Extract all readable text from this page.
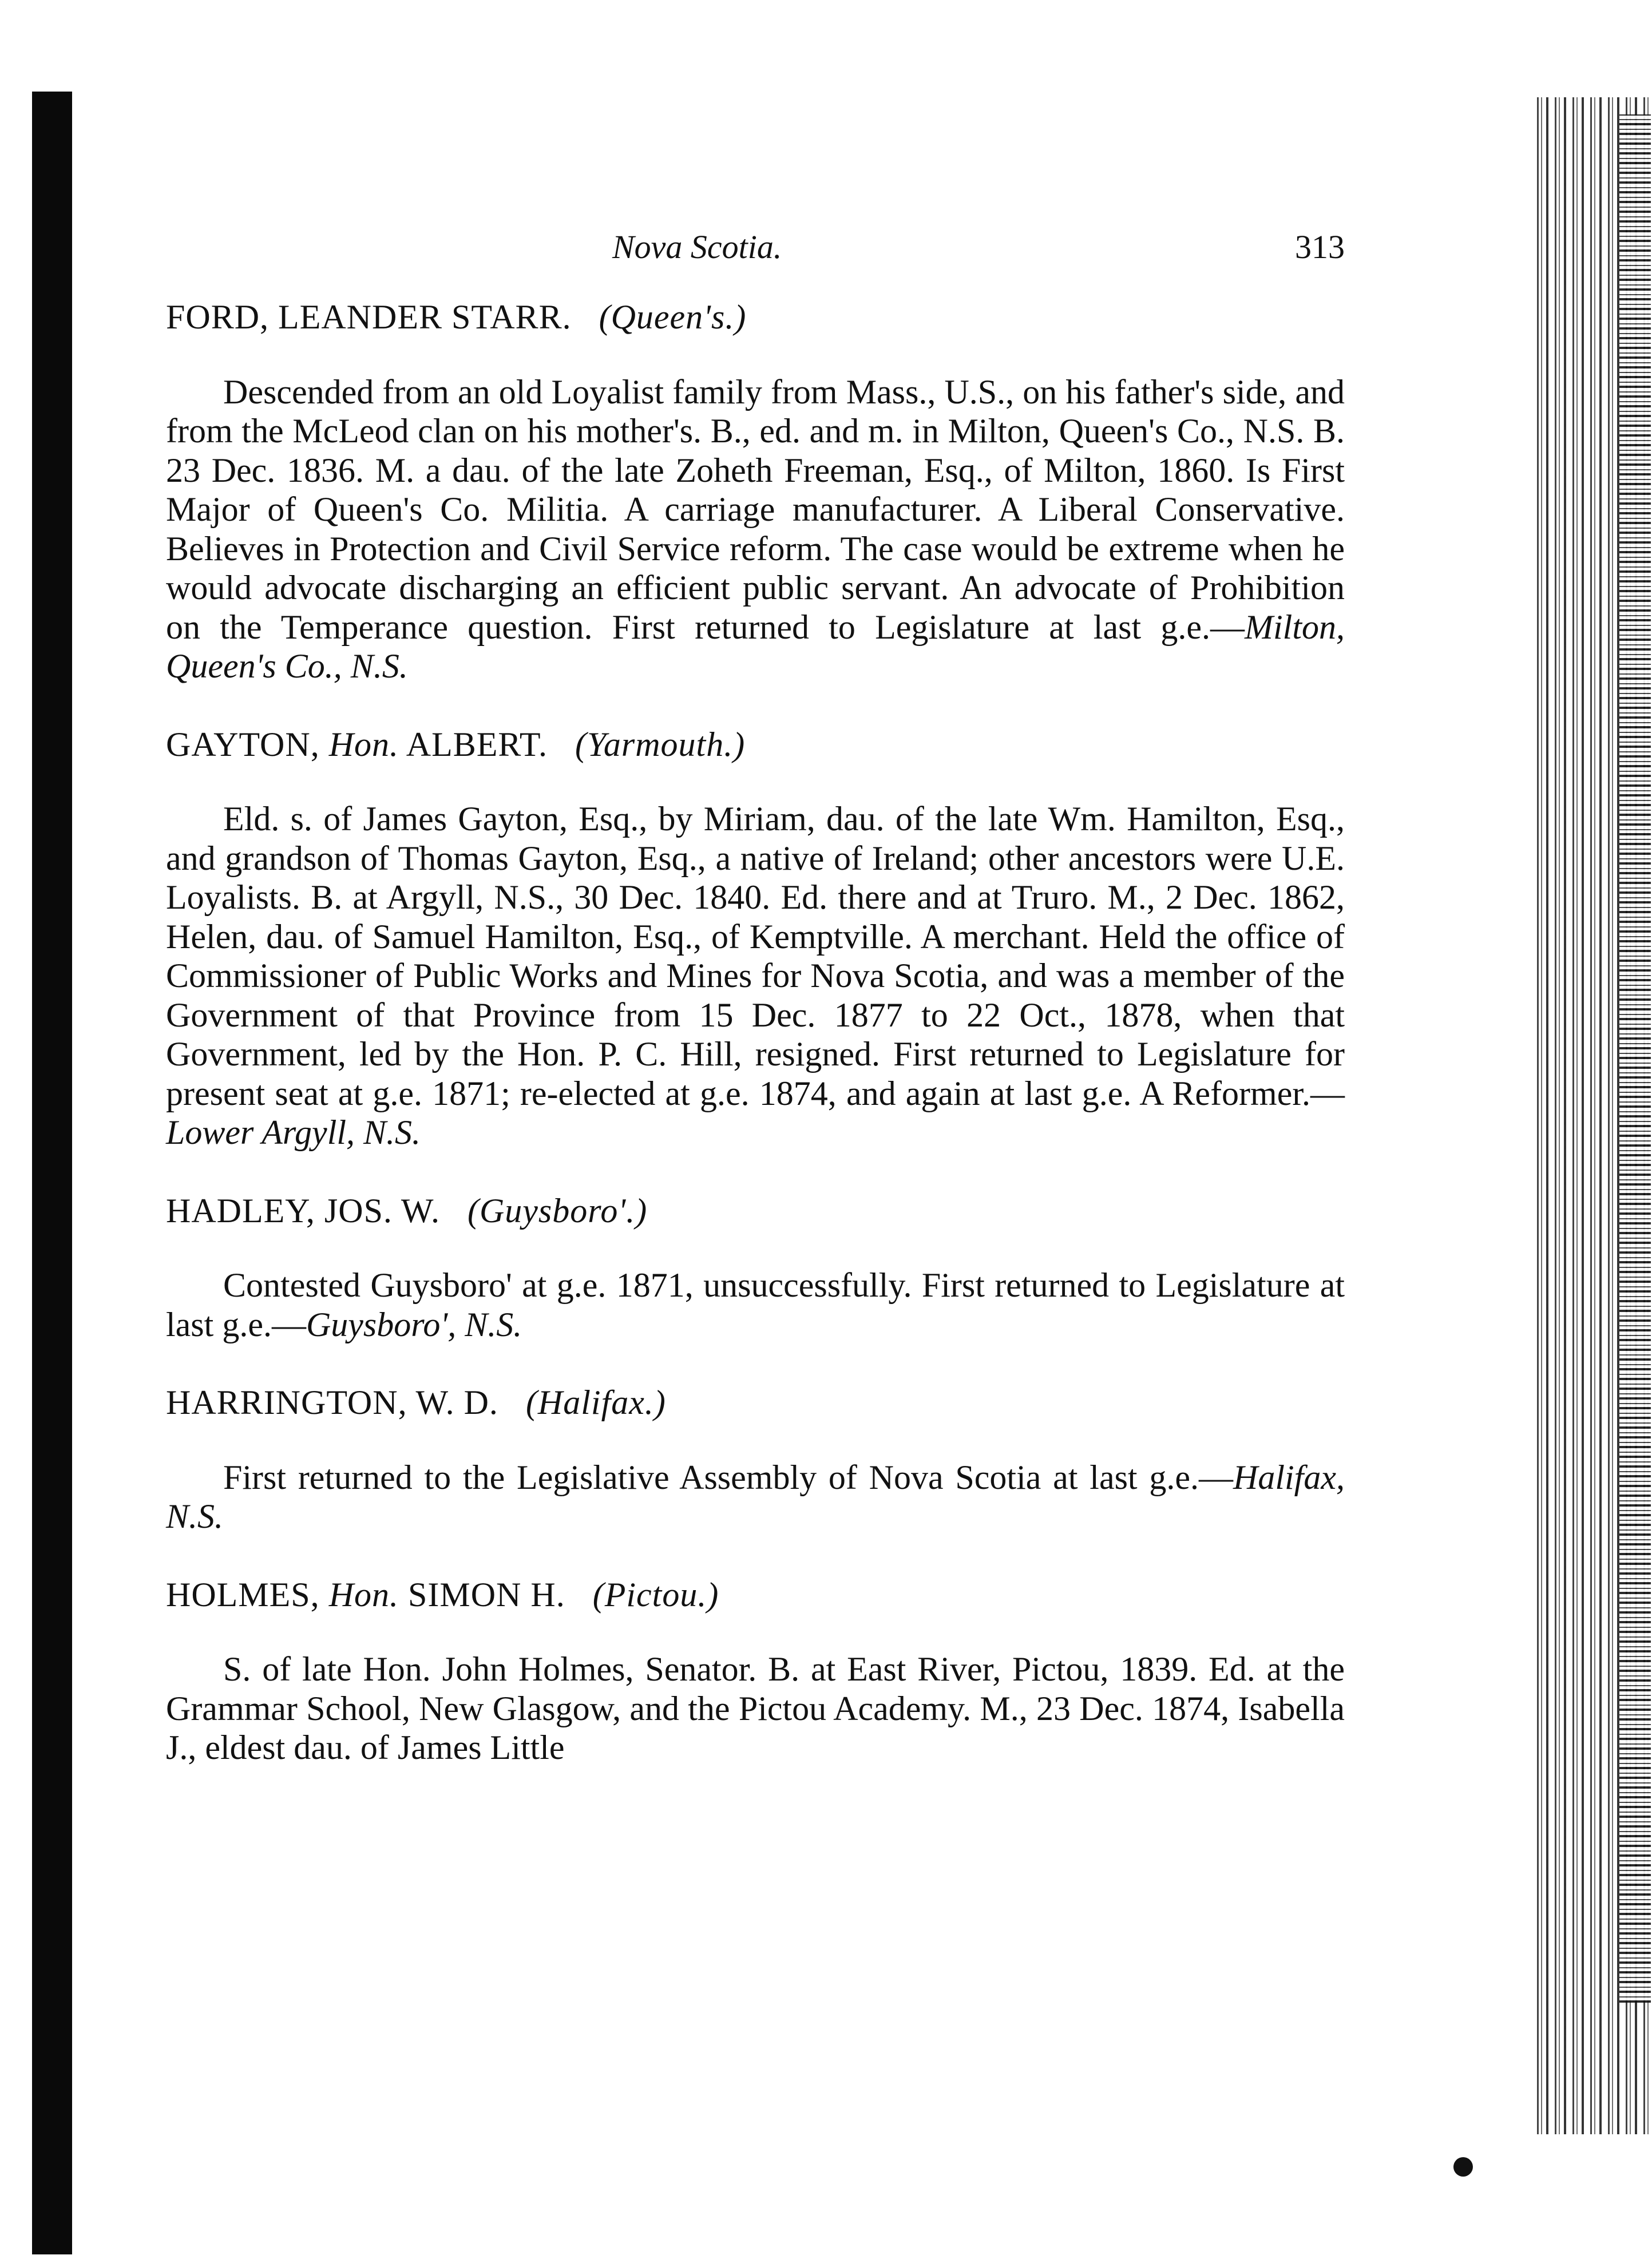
Nova Scotia.	313

FORD, LEANDER STARR. (Queen's.)

Descended from an old Loyalist family from Mass., U.S., on his father's side, and from the McLeod clan on his mother's. B., ed. and m. in Milton, Queen's Co., N.S. B. 23 Dec. 1836. M. a dau. of the late Zoheth Freeman, Esq., of Milton, 1860. Is First Major of Queen's Co. Militia. A carriage manufacturer. A Liberal Conservative. Believes in Protection and Civil Service reform. The case would be extreme when he would advocate discharging an efficient public servant. An advocate of Prohibition on the Temperance question. First returned to Legislature at last g.e.—Milton, Queen's Co., N.S.

GAYTON, Hon. ALBERT. (Yarmouth.)

Eld. s. of James Gayton, Esq., by Miriam, dau. of the late Wm. Hamilton, Esq., and grandson of Thomas Gayton, Esq., a native of Ireland; other ancestors were U.E. Loyalists. B. at Argyll, N.S., 30 Dec. 1840. Ed. there and at Truro. M., 2 Dec. 1862, Helen, dau. of Samuel Hamilton, Esq., of Kemptville. A merchant. Held the office of Commissioner of Public Works and Mines for Nova Scotia, and was a member of the Government of that Province from 15 Dec. 1877 to 22 Oct., 1878, when that Government, led by the Hon. P. C. Hill, resigned. First returned to Legislature for present seat at g.e. 1871; re-elected at g.e. 1874, and again at last g.e. A Reformer.—Lower Argyll, N.S.

HADLEY, JOS. W. (Guysboro'.)

Contested Guysboro' at g.e. 1871, unsuccessfully. First returned to Legislature at last g.e.—Guysboro', N.S.

HARRINGTON, W. D. (Halifax.)

First returned to the Legislative Assembly of Nova Scotia at last g.e.—Halifax, N.S.

HOLMES, Hon. SIMON H. (Pictou.)

S. of late Hon. John Holmes, Senator. B. at East River, Pictou, 1839. Ed. at the Grammar School, New Glasgow, and the Pictou Academy. M., 23 Dec. 1874, Isabella J., eldest dau. of James Little
